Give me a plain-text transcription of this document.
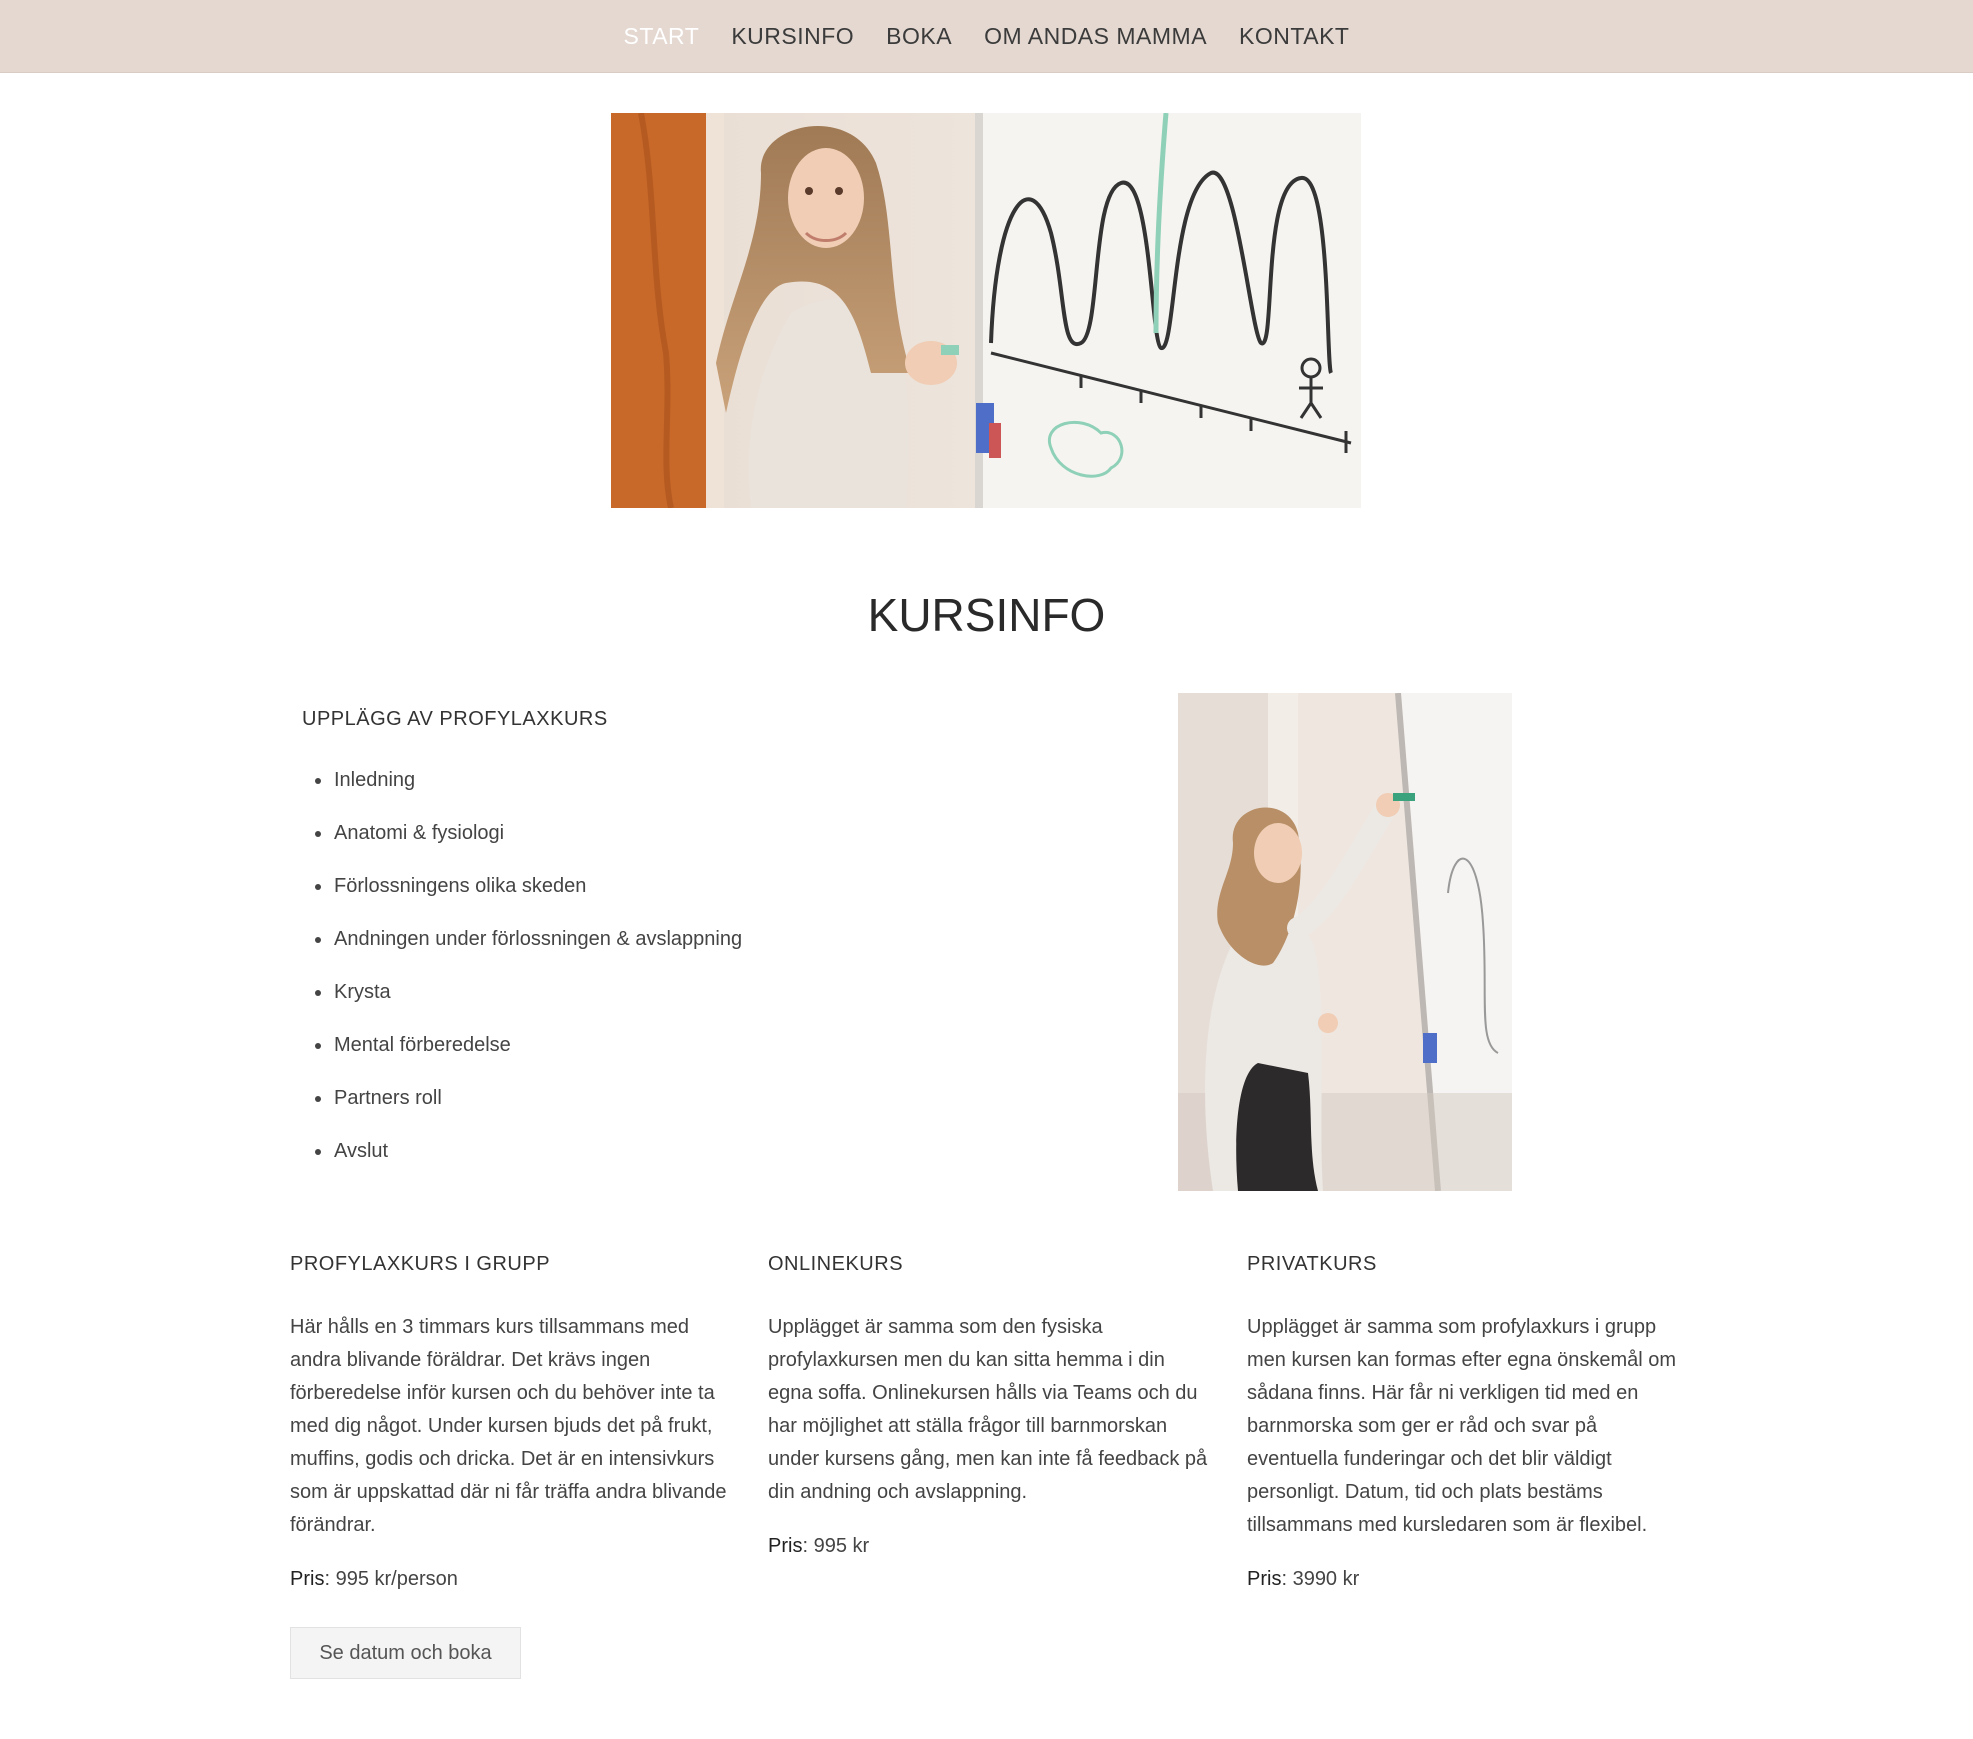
START KURSINFO BOKA OM ANDAS MAMMA KONTAKT
KURSINFO
UPPLÄGG AV PROFYLAXKURS
Inledning
Anatomi & fysiologi
Förlossningens olika skeden
Andningen under förlossningen & avslappning
Krysta
Mental förberedelse
Partners roll
Avslut
PROFYLAXKURS I GRUPP

Här hålls en 3 timmars kurs tillsammans med andra blivande föräldrar. Det krävs ingen förberedelse inför kursen och du behöver inte ta med dig något. Under kursen bjuds det på frukt, muffins, godis och dricka. Det är en intensivkurs som är uppskattad där ni får träffa andra blivande förändrar.

Pris: 995 kr/person

ONLINEKURS

Upplägget är samma som den fysiska profylaxkursen men du kan sitta hemma i din egna soffa. Onlinekursen hålls via Teams och du har möjlighet att ställa frågor till barnmorskan under kursens gång, men kan inte få feedback på din andning och avslappning.

Pris: 995 kr

PRIVATKURS

Upplägget är samma som profylaxkurs i grupp men kursen kan formas efter egna önskemål om sådana finns. Här får ni verkligen tid med en barnmorska som ger er råd och svar på eventuella funderingar och det blir väldigt personligt. Datum, tid och plats bestäms tillsammans med kursledaren som är flexibel.

Pris: 3990 kr

Se datum och boka
